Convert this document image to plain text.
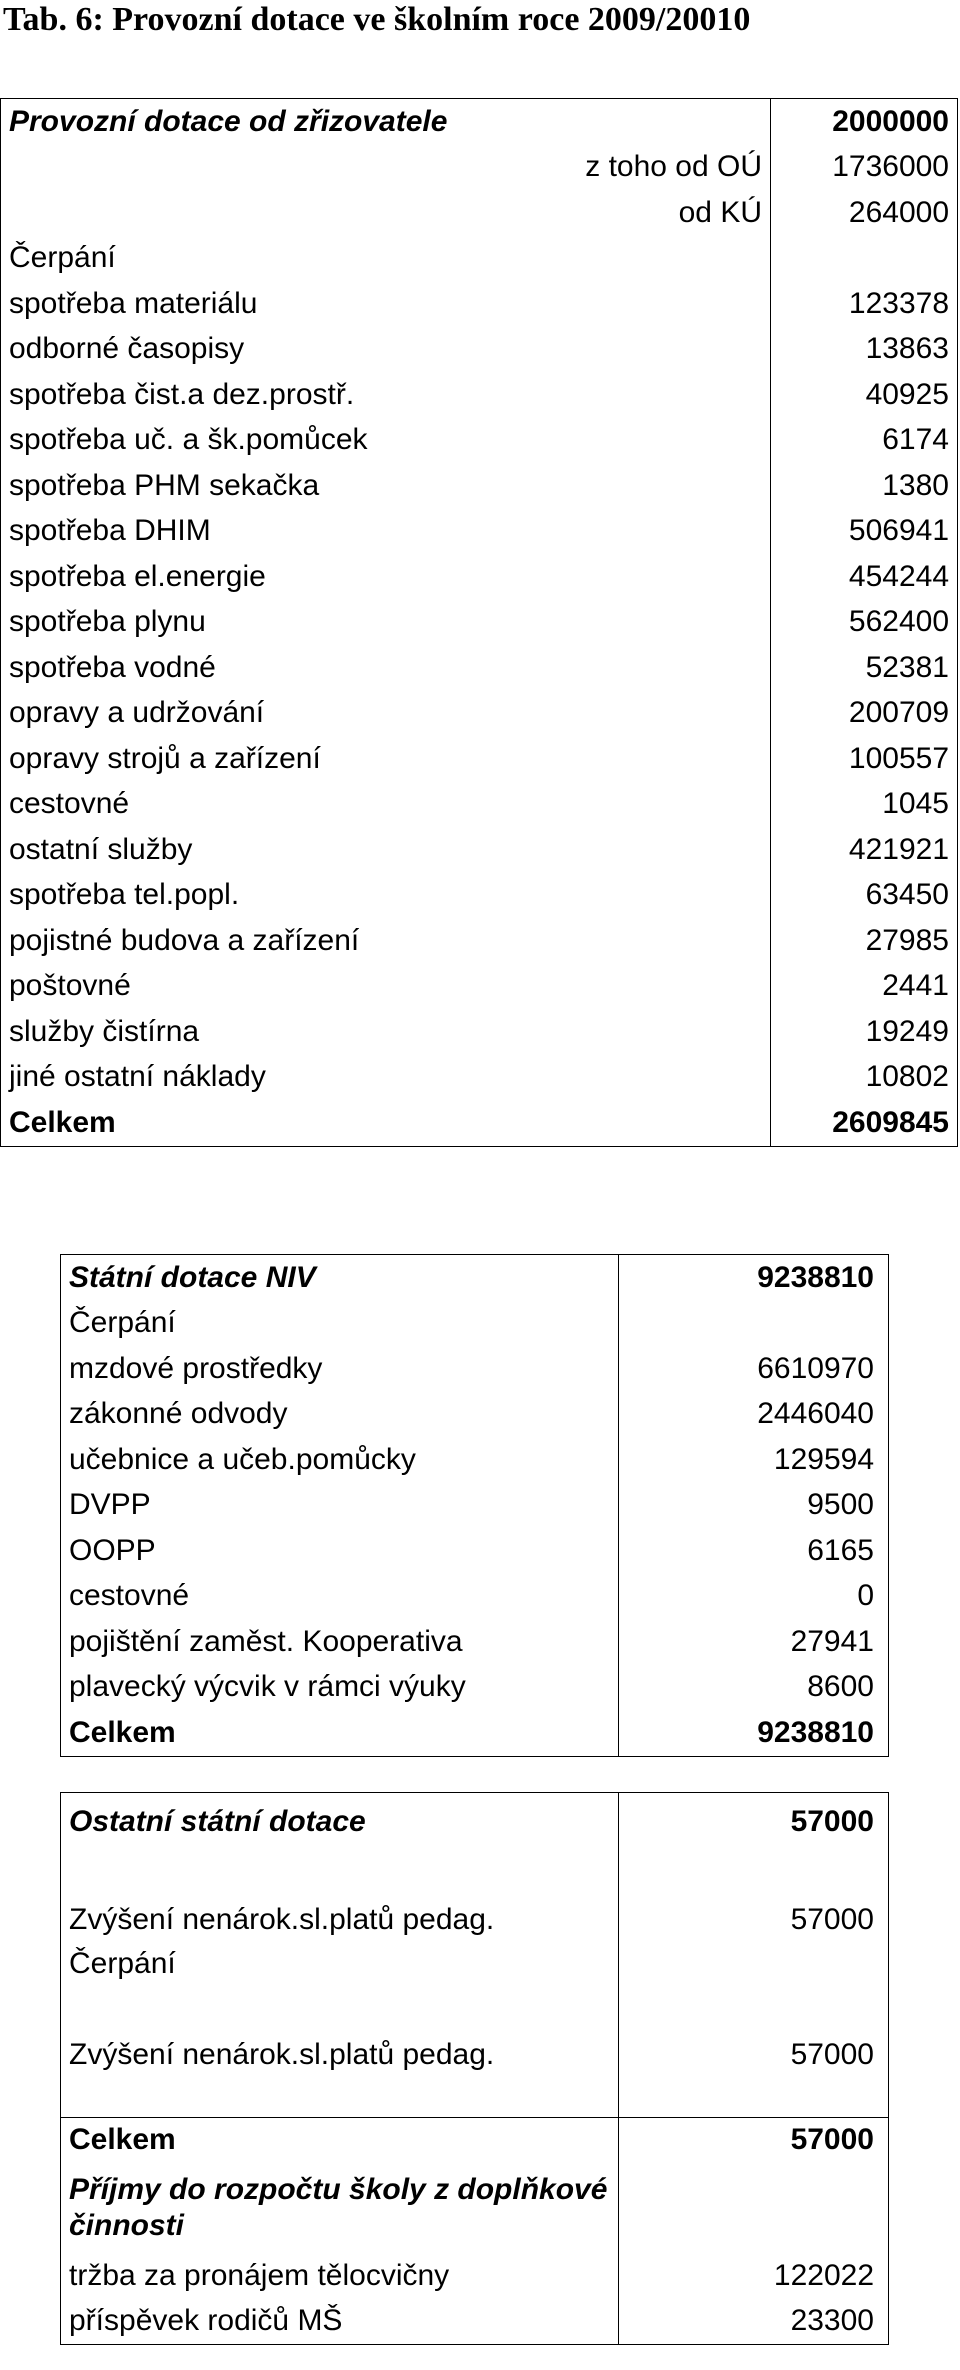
Tab. 6: Provozní dotace ve školním roce 2009/20010
Provozní dotace od zřizovatele	2000000
z toho od OÚ	1736000
od KÚ	264000
Čerpání	
spotřeba materiálu	123378
odborné časopisy	13863
spotřeba čist.a dez.prostř.	40925
spotřeba uč. a šk.pomůcek	6174
spotřeba PHM sekačka	1380
spotřeba DHIM	506941
spotřeba el.energie	454244
spotřeba plynu	562400
spotřeba vodné	52381
opravy a udržování	200709
opravy strojů a zařízení	100557
cestovné	1045
ostatní služby	421921
spotřeba tel.popl.	63450
pojistné budova a zařízení	27985
poštovné	2441
služby čistírna	19249
jiné ostatní náklady	10802
Celkem	2609845
Státní dotace NIV	9238810
Čerpání	
mzdové prostředky	6610970
zákonné odvody	2446040
učebnice a učeb.pomůcky	129594
DVPP	9500
OOPP	6165
cestovné	0
pojištění zaměst. Kooperativa	27941
plavecký výcvik v rámci výuky	8600
Celkem	9238810
Ostatní státní dotace	57000
Zvýšení nenárok.sl.platů pedag.	57000
Čerpání	
Zvýšení nenárok.sl.platů pedag.	57000

Celkem	57000
Příjmy do rozpočtu školy z doplňkové činnosti	
tržba za pronájem tělocvičny	122022
příspěvek rodičů MŠ	23300
